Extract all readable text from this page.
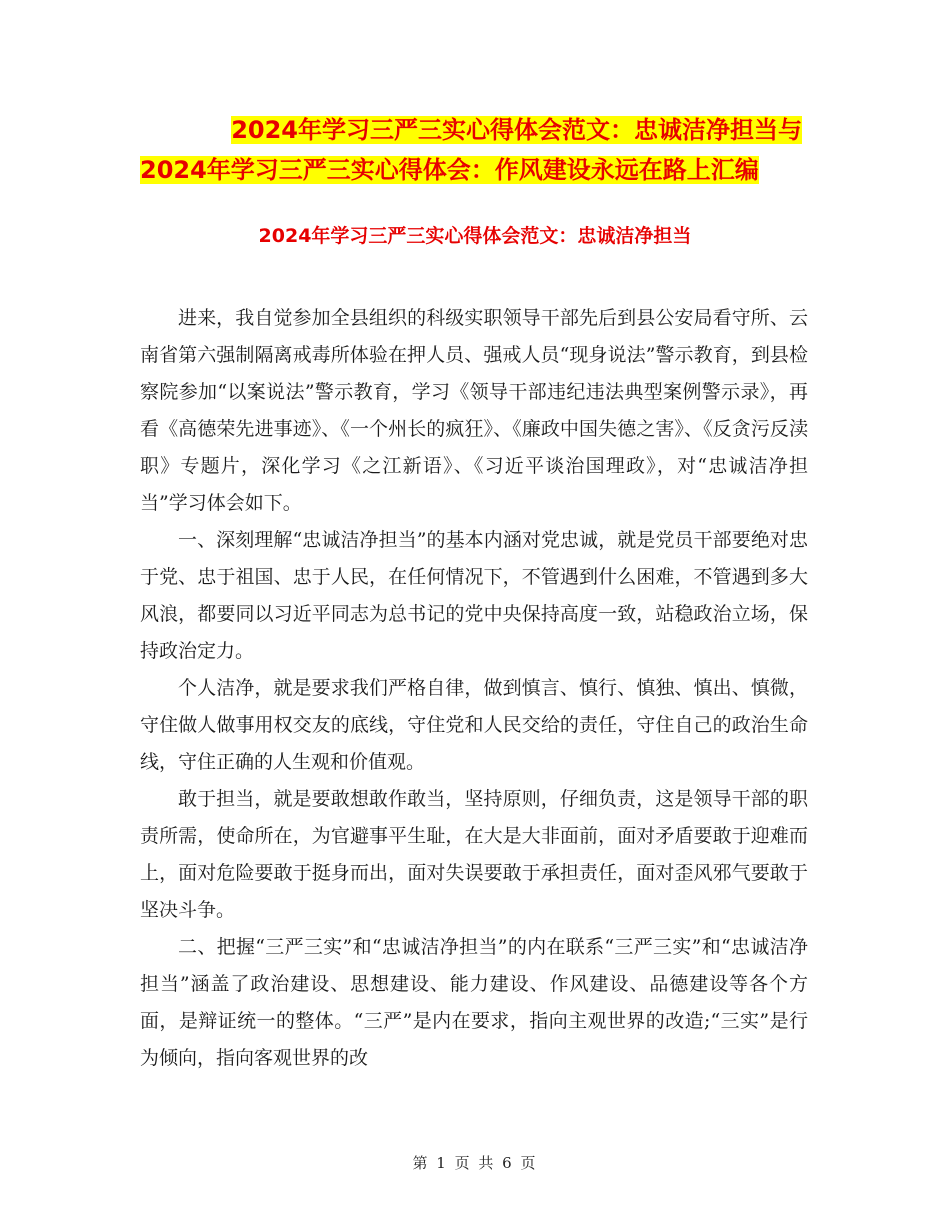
2024年学习三严三实心得体会范文：忠诚洁净担当与
2024年学习三严三实心得体会：作风建设永远在路上汇编
2024年学习三严三实心得体会范文：忠诚洁净担当

进来，我自觉参加全县组织的科级实职领导干部先后到县公安局看守所、云南省第六强制隔离戒毒所体验在押人员、强戒人员“现身说法”警示教育，到县检察院参加“以案说法”警示教育，学习《领导干部违纪违法典型案例警示录》，再看《高德荣先进事迹》、《一个州长的疯狂》、《廉政中国失德之害》、《反贪污反渎职》专题片，深化学习《之江新语》、《习近平谈治国理政》，对“忠诚洁净担当”学习体会如下。

一、深刻理解“忠诚洁净担当”的基本内涵对党忠诚，就是党员干部要绝对忠于党、忠于祖国、忠于人民，在任何情况下，不管遇到什么困难，不管遇到多大风浪，都要同以习近平同志为总书记的党中央保持高度一致，站稳政治立场，保持政治定力。

个人洁净，就是要求我们严格自律，做到慎言、慎行、慎独、慎出、慎微，守住做人做事用权交友的底线，守住党和人民交给的责任，守住自己的政治生命线，守住正确的人生观和价值观。

敢于担当，就是要敢想敢作敢当，坚持原则，仔细负责，这是领导干部的职责所需，使命所在，为官避事平生耻，在大是大非面前，面对矛盾要敢于迎难而上，面对危险要敢于挺身而出，面对失误要敢于承担责任，面对歪风邪气要敢于坚决斗争。

二、把握“三严三实”和“忠诚洁净担当”的内在联系“三严三实”和“忠诚洁净担当”涵盖了政治建设、思想建设、能力建设、作风建设、品德建设等各个方面，是辩证统一的整体。“三严”是内在要求，指向主观世界的改造;“三实”是行为倾向，指向客观世界的改

第 1 页 共 6 页
